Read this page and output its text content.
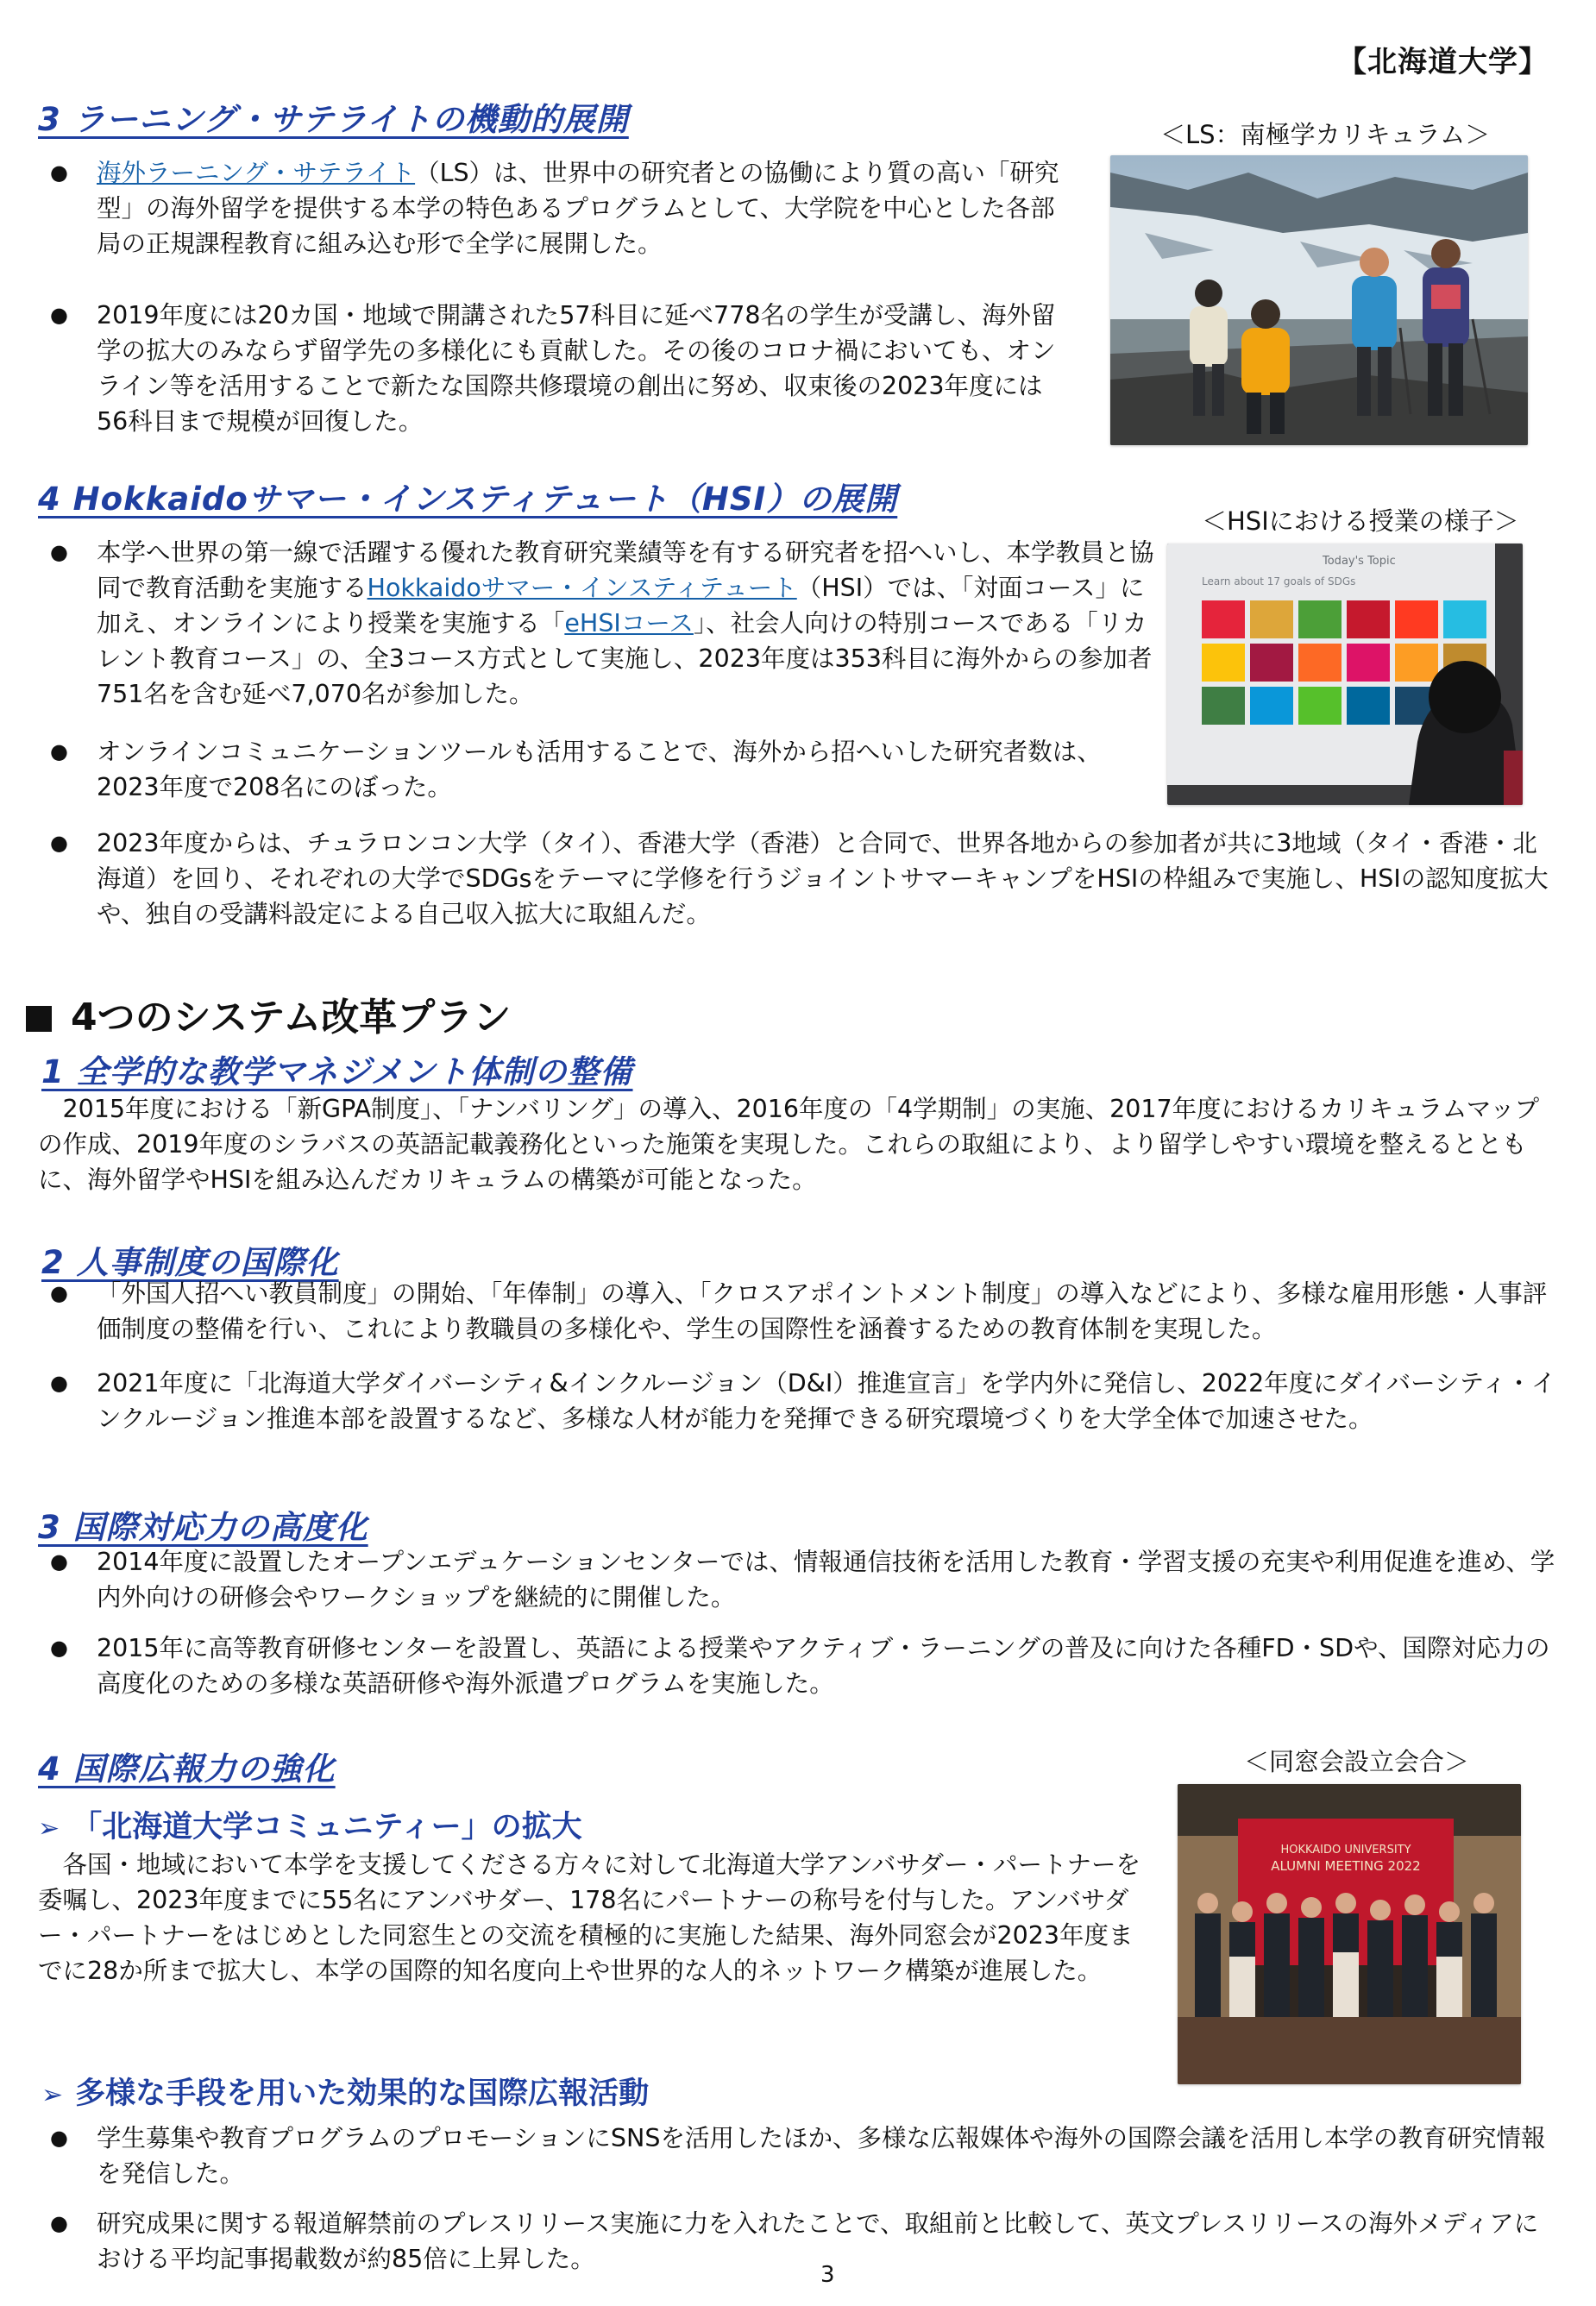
【北海道大学】
3 ラーニング・サテライトの機動的展開	＜LS：南極学カリキュラム＞
● 海外ラーニング・サテライト（LS）は、世界中の研究者との協働により質の高い「研究型」の海外留学を提供する本学の特色あるプログラムとして、大学院を中心とした各部局の正規課程教育に組み込む形で全学に展開した。
● 2019年度には20カ国・地域で開講された57科目に延べ778名の学生が受講し、海外留学の拡大のみならず留学先の多様化にも貢献した。その後のコロナ禍においても、オンライン等を活用することで新たな国際共修環境の創出に努め、収束後の2023年度には56科目まで規模が回復した。
4 Hokkaidoサマー・インスティテュート（HSI）の展開
＜HSIにおける授業の様子＞
Today's Topic
Learn about 17 goals of SDGs
● 本学へ世界の第一線で活躍する優れた教育研究業績等を有する研究者を招へいし、本学教員と協同で教育活動を実施するHokkaidoサマー・インスティテュート（HSI）では、「対面コース」に加え、オンラインにより授業を実施する「eHSIコース」、社会人向けの特別コースである「リカレント教育コース」の、全3コース方式として実施し、2023年度は353科目に海外からの参加者751名を含む延べ7,070名が参加した。
● オンラインコミュニケーションツールも活用することで、海外から招へいした研究者数は、2023年度で208名にのぼった。
● 2023年度からは、チュラロンコン大学（タイ）、香港大学（香港）と合同で、世界各地からの参加者が共に3地域（タイ・香港・北海道）を回り、それぞれの大学でSDGsをテーマに学修を行うジョイントサマーキャンプをHSIの枠組みで実施し、HSIの認知度拡大や、独自の受講料設定による自己収入拡大に取組んだ。
4つのシステム改革プラン
1 全学的な教学マネジメント体制の整備
　2015年度における「新GPA制度」、「ナンバリング」の導入、2016年度の「4学期制」の実施、2017年度におけるカリキュラムマップの作成、2019年度のシラバスの英語記載義務化といった施策を実現した。これらの取組により、より留学しやすい環境を整えるとともに、海外留学やHSIを組み込んだカリキュラムの構築が可能となった。
2 人事制度の国際化
● 「外国人招へい教員制度」の開始、「年俸制」の導入、「クロスアポイントメント制度」の導入などにより、多様な雇用形態・人事評価制度の整備を行い、これにより教職員の多様化や、学生の国際性を涵養するための教育体制を実現した。
● 2021年度に「北海道大学ダイバーシティ&インクルージョン（D&I）推進宣言」を学内外に発信し、2022年度にダイバーシティ・インクルージョン推進本部を設置するなど、多様な人材が能力を発揮できる研究環境づくりを大学全体で加速させた。
3 国際対応力の高度化
● 2014年度に設置したオープンエデュケーションセンターでは、情報通信技術を活用した教育・学習支援の充実や利用促進を進め、学内外向けの研修会やワークショップを継続的に開催した。
● 2015年に高等教育研修センターを設置し、英語による授業やアクティブ・ラーニングの普及に向けた各種FD・SDや、国際対応力の高度化のための多様な英語研修や海外派遣プログラムを実施した。
4 国際広報力の強化	＜同窓会設立会合＞
HOKKAIDO UNIVERSITY
ALUMNI MEETING 2022
➢ 「北海道大学コミュニティー」の拡大
　各国・地域において本学を支援してくださる方々に対して北海道大学アンバサダー・パートナーを委嘱し、2023年度までに55名にアンバサダー、178名にパートナーの称号を付与した。アンバサダー・パートナーをはじめとした同窓生との交流を積極的に実施した結果、海外同窓会が2023年度までに28か所まで拡大し、本学の国際的知名度向上や世界的な人的ネットワーク構築が進展した。
➢ 多様な手段を用いた効果的な国際広報活動
● 学生募集や教育プログラムのプロモーションにSNSを活用したほか、多様な広報媒体や海外の国際会議を活用し本学の教育研究情報を発信した。
● 研究成果に関する報道解禁前のプレスリリース実施に力を入れたことで、取組前と比較して、英文プレスリリースの海外メディアにおける平均記事掲載数が約85倍に上昇した。
3
